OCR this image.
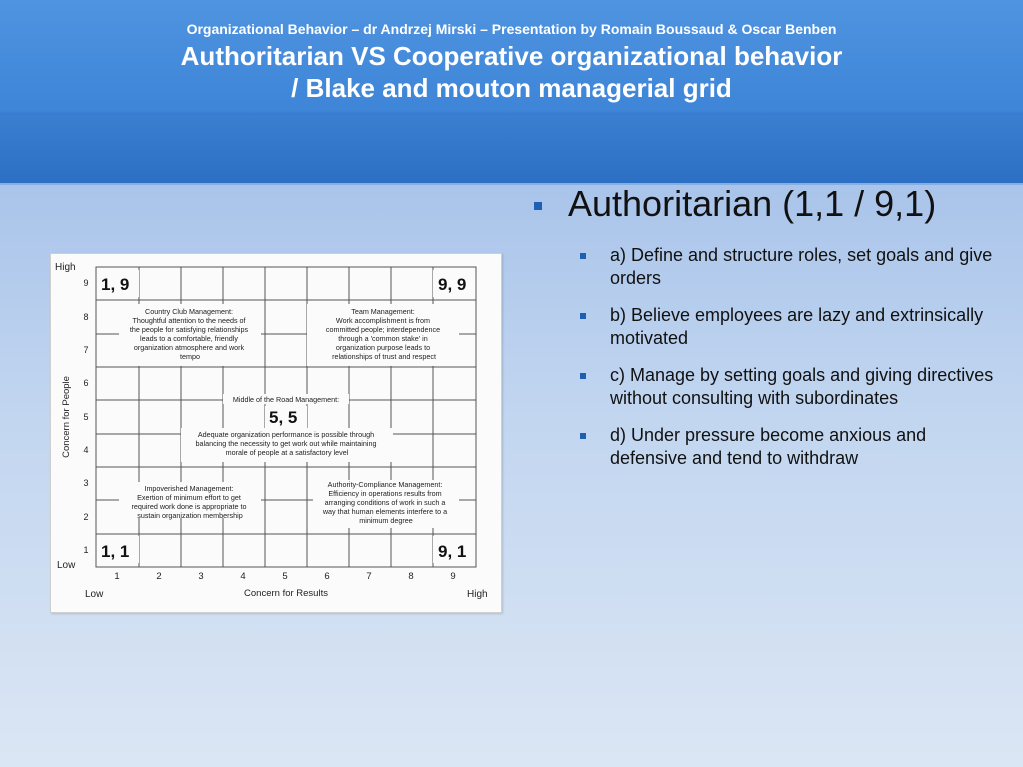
Organizational Behavior – dr Andrzej Mirski – Presentation by Romain Boussaud & Oscar Benben
Authoritarian VS Cooperative organizational behavior
/ Blake and mouton managerial grid
High
Low
Concern for People
Low	Concern for Results	High
9
8
7
6
5
4
3
2
1
1	2	3	4	5	6	7	8	9
1, 9	9, 9
5, 5
1, 1	9, 1
Country Club Management: Thoughtful attention to the needs of the people for satisfying relationships leads to a comfortable, friendly organization atmosphere and work tempo
Team Management: Work accomplishment is from committed people; interdependence through a 'common stake' in organization purpose leads to relationships of trust and respect
Middle of the Road Management:
Adequate organization performance is possible through balancing the necessity to get work out while maintaining morale of people at a satisfactory level
Impoverished Management: Exertion of minimum effort to get required work done is appropriate to sustain organization membership
Authority-Compliance Management: Efficiency in operations results from arranging conditions of work in such a way that human elements interfere to a minimum degree
Authoritarian (1,1 / 9,1)
a) Define and structure roles, set goals and give orders
b) Believe employees are lazy and extrinsically motivated
c) Manage by setting goals and giving directives without consulting with subordinates
d) Under pressure become anxious and defensive and tend to withdraw
